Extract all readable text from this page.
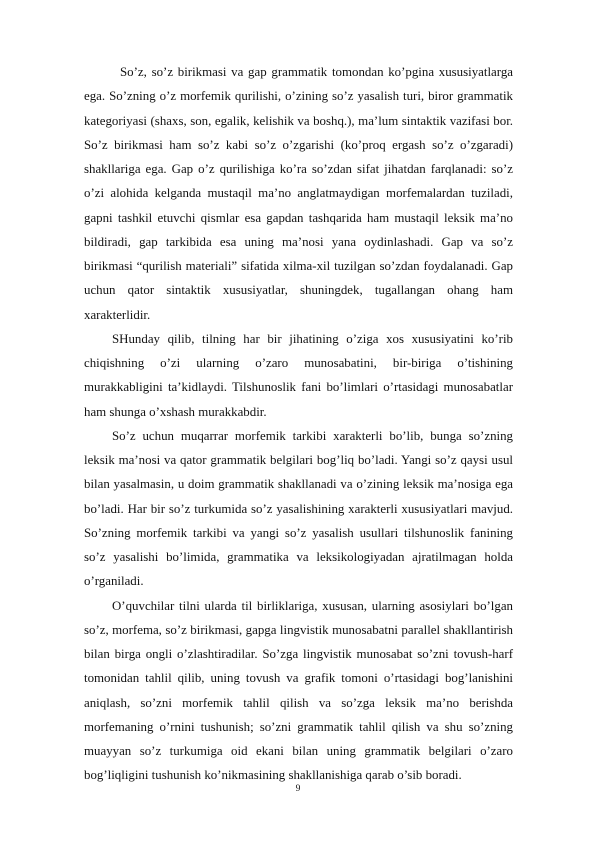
So’z, so’z birikmasi va gap grammatik tomondan ko’pgina xususiyatlarga ega. So’zning o’z morfemik qurilishi, o’zining so’z yasalish turi, biror grammatik kategoriyasi (shaxs, son, egalik, kelishik va boshq.), ma’lum sintaktik vazifasi bor. So’z birikmasi ham so’z kabi so’z o’zgarishi (ko’proq ergash so’z o’zgaradi) shakllariga ega. Gap o’z qurilishiga ko’ra so’zdan sifat jihatdan farqlanadi: so’z o’zi alohida kelganda mustaqil ma’no anglatmaydigan morfemalardan tuziladi, gapni tashkil etuvchi qismlar esa gapdan tashqarida ham mustaqil leksik ma’no bildiradi, gap tarkibida esa uning ma’nosi yana oydinlashadi. Gap va so’z birikmasi “qurilish materiali” sifatida xilma-xil tuzilgan so’zdan foydalanadi. Gap uchun qator sintaktik xususiyatlar, shuningdek, tugallangan ohang ham xarakterlidir.

SHunday qilib, tilning har bir jihatining o’ziga xos xususiyatini ko’rib chiqishning o’zi ularning o’zaro munosabatini, bir-biriga o’tishining murakkabligini ta’kidlaydi. Tilshunoslik fani bo’limlari o’rtasidagi munosabatlar ham shunga o’xshash murakkabdir.

So’z uchun muqarrar morfemik tarkibi xarakterli bo’lib, bunga so’zning leksik ma’nosi va qator grammatik belgilari bog’liq bo’ladi. Yangi so’z qaysi usul bilan yasalmasin, u doim grammatik shakllanadi va o’zining leksik ma’nosiga ega bo’ladi. Har bir so’z turkumida so’z yasalishining xarakterli xususiyatlari mavjud. So’zning morfemik tarkibi va yangi so’z yasalish usullari tilshunoslik fanining so’z yasalishi bo’limida, grammatika va leksikologiyadan ajratilmagan holda o’rganiladi.

O’quvchilar tilni ularda til birliklariga, xususan, ularning asosiylari bo’lgan so’z, morfema, so’z birikmasi, gapga lingvistik munosabatni parallel shakllantirish bilan birga ongli o’zlashtiradilar. So’zga lingvistik munosabat so’zni tovush-harf tomonidan tahlil qilib, uning tovush va grafik tomoni o’rtasidagi bog’lanishini aniqlash, so’zni morfemik tahlil qilish va so’zga leksik ma’no berishda morfemaning o’rnini tushunish; so’zni grammatik tahlil qilish va shu so’zning muayyan so’z turkumiga oid ekani bilan uning grammatik belgilari o’zaro bog’liqligini tushunish ko’nikmasining shakllanishiga qarab o’sib boradi.

9
